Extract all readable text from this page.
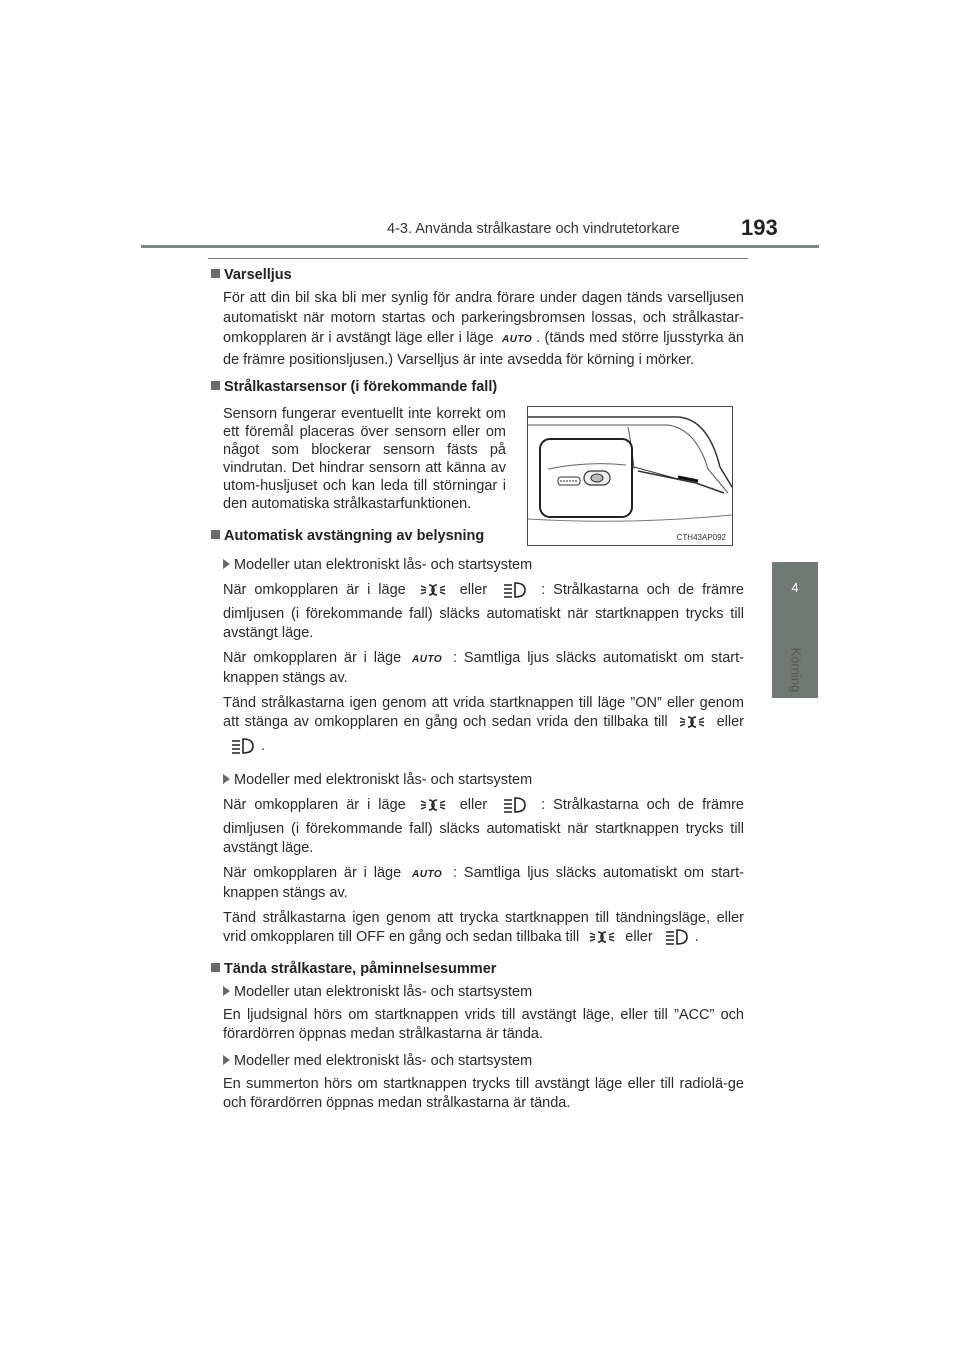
4-3. Använda strålkastare och vindrutetorkare	193
4
Körning
CTH43AP092
Varselljus
För att din bil ska bli mer synlig för andra förare under dagen tänds varselljusen automatiskt när motorn startas och parkeringsbromsen lossas, och strålkastar-omkopplaren är i avstängt läge eller i läge AUTO . (tänds med större ljusstyrka än de främre positionsljusen.) Varselljus är inte avsedda för körning i mörker.
Strålkastarsensor (i förekommande fall)
Sensorn fungerar eventuellt inte korrekt om ett föremål placeras över sensorn eller om något som blockerar sensorn fästs på vindrutan. Det hindrar sensorn att känna av utom-husljuset och kan leda till störningar i den automatiska strålkastarfunktionen.
Automatisk avstängning av belysning
Modeller utan elektroniskt lås- och startsystem
När omkopplaren är i läge	eller	: Strålkastarna och de främre dimljusen (i förekommande fall) släcks automatiskt när startknappen trycks till avstängt läge.
När omkopplaren är i läge AUTO : Samtliga ljus släcks automatiskt om start-knappen stängs av.
Tänd strålkastarna igen genom att vrida startknappen till läge ”ON” eller genom att stänga av omkopplaren en gång och sedan vrida den tillbaka till	eller .
Modeller med elektroniskt lås- och startsystem
När omkopplaren är i läge	eller	: Strålkastarna och de främre dimljusen (i förekommande fall) släcks automatiskt när startknappen trycks till avstängt läge.
När omkopplaren är i läge AUTO : Samtliga ljus släcks automatiskt om start-knappen stängs av.
Tänd strålkastarna igen genom att trycka startknappen till tändningsläge, eller vrid omkopplaren till OFF en gång och sedan tillbaka till	eller	.
Tända strålkastare, påminnelsesummer
Modeller utan elektroniskt lås- och startsystem
En ljudsignal hörs om startknappen vrids till avstängt läge, eller till ”ACC” och förardörren öppnas medan strålkastarna är tända.
Modeller med elektroniskt lås- och startsystem
En summerton hörs om startknappen trycks till avstängt läge eller till radiolä-ge och förardörren öppnas medan strålkastarna är tända.
